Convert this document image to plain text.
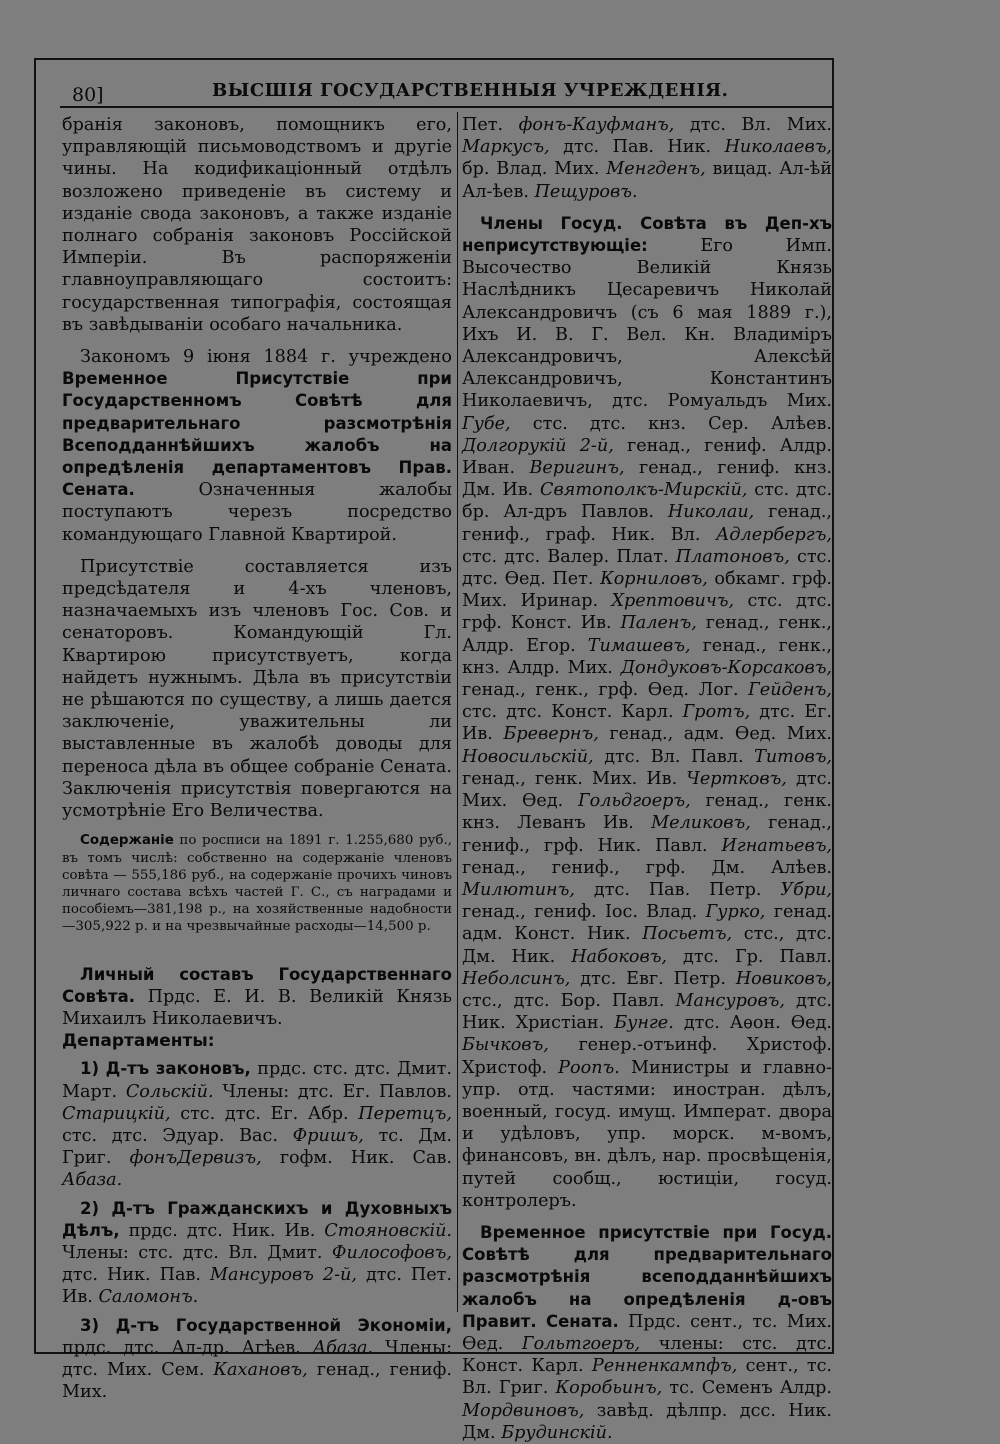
80]	ВЫСШІЯ ГОСУДАРСТВЕННЫЯ УЧРЕЖДЕНІЯ.

бранія законовъ, помощникъ его, управляющій письмоводствомъ и другіе чины. На кодификаціонный отдѣлъ возложено приведеніе въ систему и изданіе свода законовъ, а также изданіе полнаго собранія законовъ Россійской Имперіи. Въ распоряженіи главноуправляющаго состоитъ: государственная типографія, состоящая въ завѣдываніи особаго начальника.

Закономъ 9 іюня 1884 г. учреждено Временное Присутствіе при Государственномъ Совѣтѣ для предварительнаго разсмотрѣнія Всеподданнѣйшихъ жалобъ на опредѣленія департаментовъ Прав. Сената.	Означенныя жалобы поступаютъ черезъ посредство командующаго Главной Квартирой.

Присутствіе составляется изъ предсѣдателя и 4-хъ членовъ, назначаемыхъ изъ членовъ Гос. Сов. и сенаторовъ. Командующій Гл. Квартирою присутствуетъ, когда найдетъ нужнымъ. Дѣла въ присутствіи не рѣшаются по существу, а лишь дается заключеніе, уважительны ли выставленные въ жалобѣ доводы для переноса дѣла въ общее собраніе Сената. Заключенія присутствія повергаются на усмотрѣніе Его Величества.

Содержаніе по росписи на 1891 г. 1.255,680 руб., въ томъ числѣ: собственно на содержаніе членовъ совѣта — 555,186 руб., на содержаніе прочихъ чиновъ личнаго состава всѣхъ частей Г. С., съ наградами и пособіемъ—381,198 р., на хозяйственные надобности—305,922 р. и на чрезвычайные расходы—14,500 р.

Личный составъ Государственнаго Совѣта. Прдс. Е. И. В. Великій Князь Михаилъ Николаевичъ.

Департаменты:

1) Д-тъ законовъ, прдс. стс. дтс. Дмит. Март. Сольскій. Члены: дтс. Ег. Павлов. Старицкій, стс. дтс. Ег. Абр. Перетцъ, стс. дтс. Эдуар. Вас. Фришъ, тс. Дм. Григ. фонъДервизъ, гофм. Ник. Сав. Абаза.

2) Д-тъ Гражданскихъ и Духовныхъ Дѣлъ, прдс. дтс. Ник. Ив. Стояновскій. Члены: стс. дтс. Вл. Дмит. Философовъ, дтс. Ник. Пав. Мансуровъ 2-й, дтс. Пет. Ив. Саломонъ.

3) Д-тъ Государственной Экономіи, прдс. дтс. Ал-др. Агѣев. Абаза. Члены: дтс. Мих. Сем. Кахановъ, генад., гениф. Мих.

Пет. фонъ-Кауфманъ, дтс. Вл. Мих. Маркусъ, дтс. Пав. Ник. Николаевъ, бр. Влад. Мих. Менгденъ, вицад. Ал-ѣй Ал-ѣев. Пещуровъ.

Члены Госуд. Совѣта въ Деп-хъ неприсутствующіе:	Его Имп. Высочество Великій Князь Наслѣдникъ Цесаревичъ Николай Александровичъ (съ 6 мая 1889 г.), Ихъ И. В. Г. Вел. Кн. Владиміръ Александровичъ, Алексѣй Александровичъ, Константинъ Николаевичъ, дтс. Ромуальдъ Мих. Губе, стс. дтс. кнз. Сер. Алѣев. Долгорукій 2-й, генад., гениф. Алдр. Иван. Веригинъ, генад., гениф. кнз. Дм. Ив. Святополкъ-Мирскій, стс. дтс. бр. Ал-дръ Павлов. Николаи, генад., гениф., граф. Ник. Вл. Адлербергъ, стс. дтс. Валер. Плат. Платоновъ, стс. дтс. Ѳед. Пет. Корниловъ, обкамг. грф. Мих. Иринар. Хрептовичъ, стс. дтс. грф. Конст. Ив. Паленъ, генад., генк., Алдр. Егор. Тимашевъ, генад., генк., кнз. Алдр. Мих. Дондуковъ-Корсаковъ, генад., генк., грф. Ѳед. Лог. Гейденъ, стс. дтс. Конст. Карл. Гротъ, дтс. Ег. Ив. Бревернъ, генад., адм. Ѳед. Мих. Новосильскій, дтс. Вл. Павл. Титовъ, генад., генк. Мих. Ив. Чертковъ, дтс. Мих. Ѳед. Гольдгоеръ, генад., генк. кнз. Леванъ Ив. Меликовъ, генад., гениф., грф. Ник. Павл. Игнатьевъ, генад., гениф., грф. Дм. Алѣев. Милютинъ, дтс. Пав. Петр. Убри, генад., гениф. Іос. Влад. Гурко, генад. адм. Конст. Ник. Посьетъ, стс., дтс. Дм. Ник. Набоковъ, дтс. Гр. Павл. Неболсинъ, дтс. Евг. Петр. Новиковъ, стс., дтс. Бор. Павл. Мансуровъ, дтс. Ник. Христіан. Бунге. дтс. Аѳон. Ѳед. Бычковъ, генер.-отъинф. Христоф. Христоф. Роопъ. Министры и главно-упр. отд. частями: иностран. дѣлъ, военный, госуд. имущ. Императ. двора и удѣловъ, упр. морск. м-вомъ, финансовъ, вн. дѣлъ, нар. просвѣщенія, путей сообщ., юстиціи, госуд. контролеръ.

Временное присутствіе при Госуд. Совѣтѣ для предварительнаго разсмотрѣнія всеподданнѣйшихъ жалобъ на опредѣленія д-овъ Правит. Сената. Прдс. сент., тс. Мих. Ѳед. Гольтгоеръ, члены: стс. дтс. Конст. Карл. Ренненкампфъ, сент., тс. Вл. Григ. Коробьинъ, тс. Семенъ Алдр. Мордвиновъ, завѣд. дѣлпр. дсс. Ник. Дм. Брудинскій.
